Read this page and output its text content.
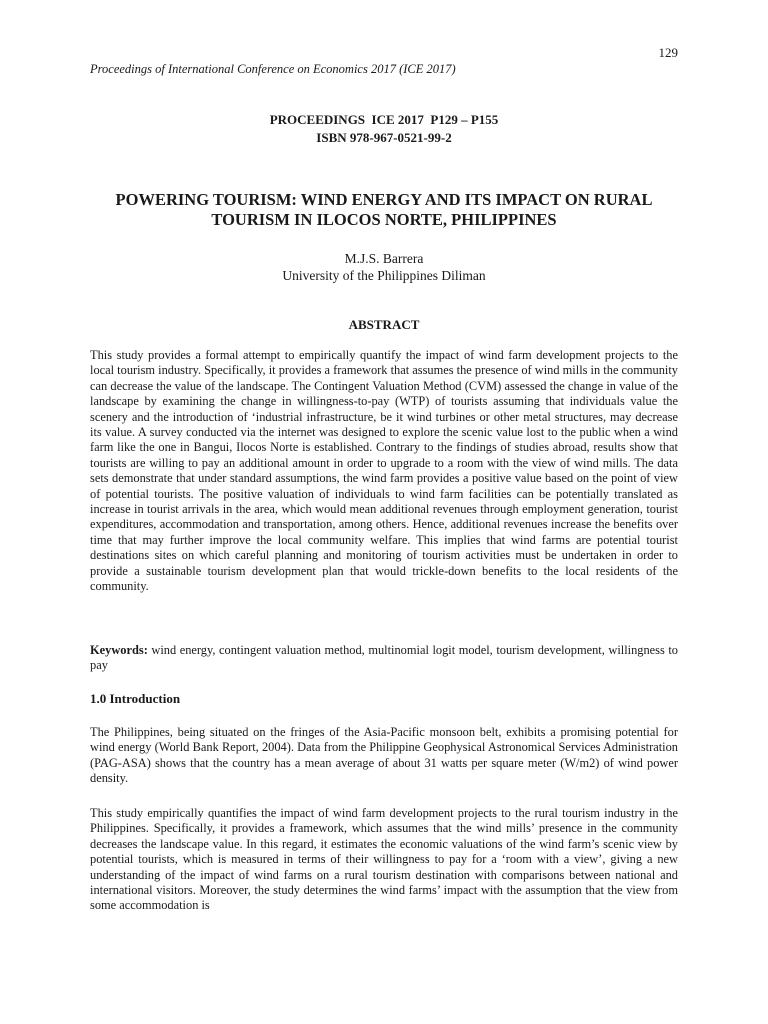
129
Proceedings of International Conference on Economics 2017 (ICE 2017)
PROCEEDINGS  ICE 2017  P129 – P155
ISBN 978-967-0521-99-2
POWERING TOURISM: WIND ENERGY AND ITS IMPACT ON RURAL
TOURISM IN ILOCOS NORTE, PHILIPPINES
M.J.S. Barrera
University of the Philippines Diliman
ABSTRACT
This study provides a formal attempt to empirically quantify the impact of wind farm development projects to the local tourism industry. Specifically, it provides a framework that assumes the presence of wind mills in the community can decrease the value of the landscape. The Contingent Valuation Method (CVM) assessed the change in value of the landscape by examining the change in willingness-to-pay (WTP) of tourists assuming that individuals value the scenery and the introduction of ‘industrial infrastructure, be it wind turbines or other metal structures, may decrease its value. A survey conducted via the internet was designed to explore the scenic value lost to the public when a wind farm like the one in Bangui, Ilocos Norte is established. Contrary to the findings of studies abroad, results show that tourists are willing to pay an additional amount in order to upgrade to a room with the view of wind mills. The data sets demonstrate that under standard assumptions, the wind farm provides a positive value based on the point of view of potential tourists. The positive valuation of individuals to wind farm facilities can be potentially translated as increase in tourist arrivals in the area, which would mean additional revenues through employment generation, tourist expenditures, accommodation and transportation, among others. Hence, additional revenues increase the benefits over time that may further improve the local community welfare. This implies that wind farms are potential tourist destinations sites on which careful planning and monitoring of tourism activities must be undertaken in order to provide a sustainable tourism development plan that would trickle-down benefits to the local residents of the community.
Keywords: wind energy, contingent valuation method, multinomial logit model, tourism development, willingness to pay
1.0 Introduction
The Philippines, being situated on the fringes of the Asia-Pacific monsoon belt, exhibits a promising potential for wind energy (World Bank Report, 2004). Data from the Philippine Geophysical Astronomical Services Administration (PAG-ASA) shows that the country has a mean average of about 31 watts per square meter (W/m2) of wind power density.
This study empirically quantifies the impact of wind farm development projects to the rural tourism industry in the Philippines. Specifically, it provides a framework, which assumes that the wind mills’ presence in the community decreases the landscape value. In this regard, it estimates the economic valuations of the wind farm’s scenic view by potential tourists, which is measured in terms of their willingness to pay for a ‘room with a view’, giving a new understanding of the impact of wind farms on a rural tourism destination with comparisons between national and international visitors. Moreover, the study determines the wind farms’ impact with the assumption that the view from some accommodation is
